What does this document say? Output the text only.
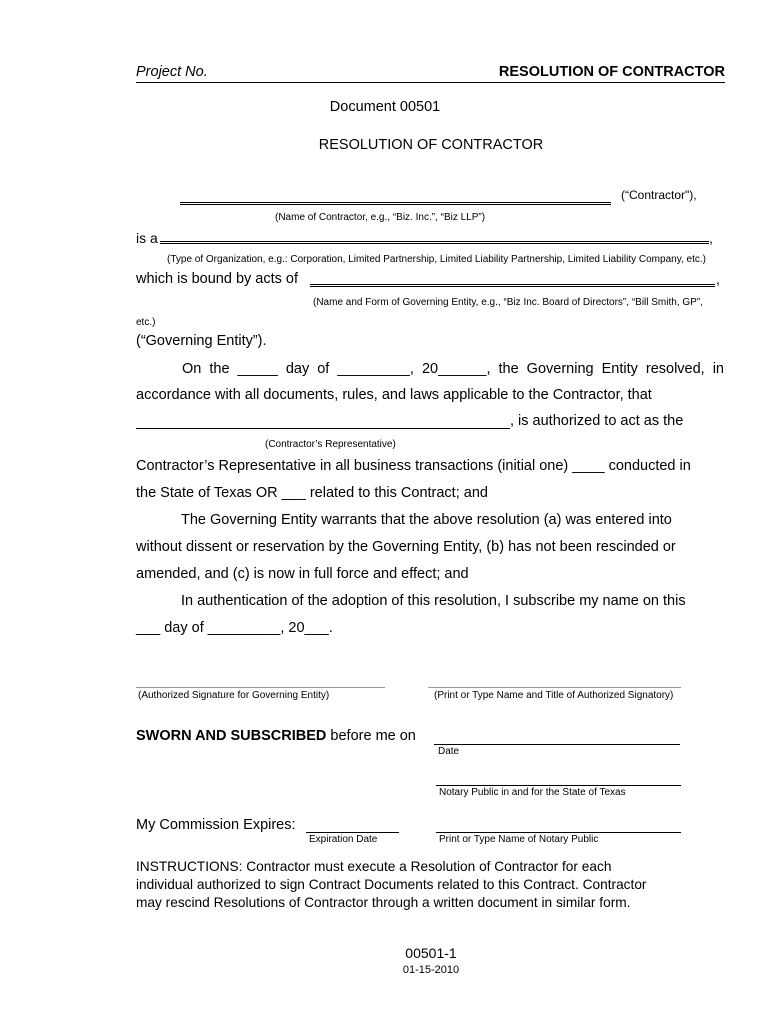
Project No.	RESOLUTION OF CONTRACTOR
Document 00501
RESOLUTION OF CONTRACTOR
(“Contractor"),
(Name of Contractor, e.g., “Biz. Inc.”, “Biz LLP”)
is a	,
(Type of Organization, e.g.: Corporation, Limited Partnership, Limited Liability Partnership, Limited Liability Company, etc.)
which is bound by acts of	,
(Name and Form of Governing Entity, e.g., “Biz Inc. Board of Directors”, “Bill Smith, GP”,
etc.)
(“Governing Entity”).
On the _____ day of _________, 20______, the Governing Entity resolved, in
accordance with all documents, rules, and laws applicable to the Contractor, that
, is authorized to act as the
(Contractor’s Representative)
Contractor’s Representative in all business transactions (initial one) ____ conducted in
the State of Texas OR ___ related to this Contract; and
The Governing Entity warrants that the above resolution (a) was entered into
without dissent or reservation by the Governing Entity, (b) has not been rescinded or
amended, and (c) is now in full force and effect; and
In authentication of the adoption of this resolution, I subscribe my name on this
___ day of _________, 20___.
(Authorized Signature for Governing Entity)	(Print or Type Name and Title of Authorized Signatory)
SWORN AND SUBSCRIBED before me on
Date
Notary Public in and for the State of Texas
My Commission Expires:
Expiration Date	Print or Type Name of Notary Public
INSTRUCTIONS: Contractor must execute a Resolution of Contractor for each
individual authorized to sign Contract Documents related to this Contract. Contractor
may rescind Resolutions of Contractor through a written document in similar form.
00501-1
01-15-2010
